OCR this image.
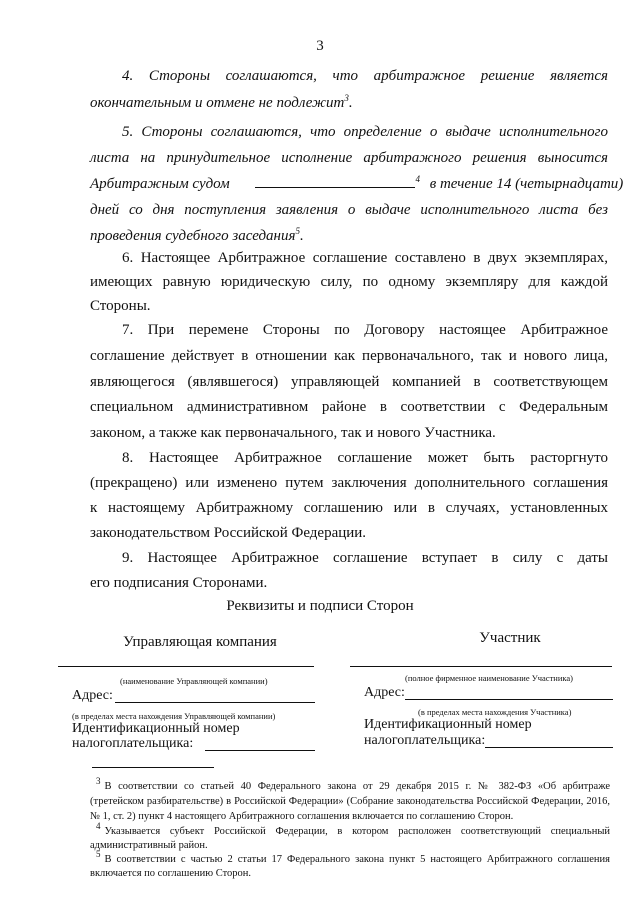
3
4. Стороны соглашаются, что арбитражное решение является
окончательным и отмене не подлежит$^3$.
5. Стороны соглашаются, что определение о выдаче исполнительного
листа на принудительное исполнение арбитражного решения выносится
Арбитражным судом	$^4$ в течение 14 (четырнадцати)
дней со дня поступления заявления о выдаче исполнительного листа без
проведения судебного заседания$^5$.
6. Настоящее Арбитражное соглашение составлено в двух экземплярах,
имеющих равную юридическую силу, по одному экземпляру для каждой
Стороны.
7. При перемене Стороны по Договору настоящее Арбитражное
соглашение действует в отношении как первоначального, так и нового лица,
являющегося (являвшегося) управляющей компанией в соответствующем
специальном административном районе в соответствии с Федеральным
законом, а также как первоначального, так и нового Участника.
8. Настоящее Арбитражное соглашение может быть расторгнуто
(прекращено) или изменено путем заключения дополнительного соглашения
к настоящему Арбитражному соглашению или в случаях, установленных
законодательством Российской Федерации.
9. Настоящее Арбитражное соглашение вступает в силу с даты
его подписания Сторонами.
Реквизиты и подписи Сторон
Управляющая компания
(наименование Управляющей компании)
Адрес:
(в пределах места нахождения Управляющей компании)
Идентификационный номер
налогоплательщика:
Участник
(полное фирменное наименование Участника)
Адрес:
(в пределах места нахождения Участника)
Идентификационный номер
налогоплательщика:
$^3$ В соответствии со статьей 40 Федерального закона от 29 декабря 2015 г. № 382-ФЗ «Об арбитраже
(третейском разбирательстве) в Российской Федерации» (Собрание законодательства Российской Федерации, 2016,
№ 1, ст. 2) пункт 4 настоящего Арбитражного соглашения включается по соглашению Сторон.
$^4$ Указывается субъект Российской Федерации, в котором расположен соответствующий специальный
административный район.
$^5$ В соответствии с частью 2 статьи 17 Федерального закона пункт 5 настоящего Арбитражного соглашения
включается по соглашению Сторон.
